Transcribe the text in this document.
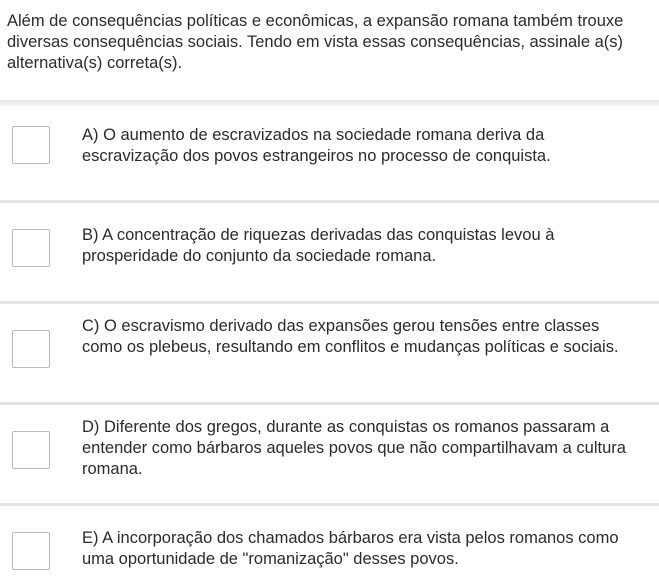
Além de consequências políticas e econômicas, a expansão romana também trouxe diversas consequências sociais. Tendo em vista essas consequências, assinale a(s) alternativa(s) correta(s).
A) O aumento de escravizados na sociedade romana deriva da escravização dos povos estrangeiros no processo de conquista.
B) A concentração de riquezas derivadas das conquistas levou à prosperidade do conjunto da sociedade romana.
C) O escravismo derivado das expansões gerou tensões entre classes como os plebeus, resultando em conflitos e mudanças políticas e sociais.
D) Diferente dos gregos, durante as conquistas os romanos passaram a entender como bárbaros aqueles povos que não compartilhavam a cultura romana.
E) A incorporação dos chamados bárbaros era vista pelos romanos como uma oportunidade de "romanização" desses povos.
